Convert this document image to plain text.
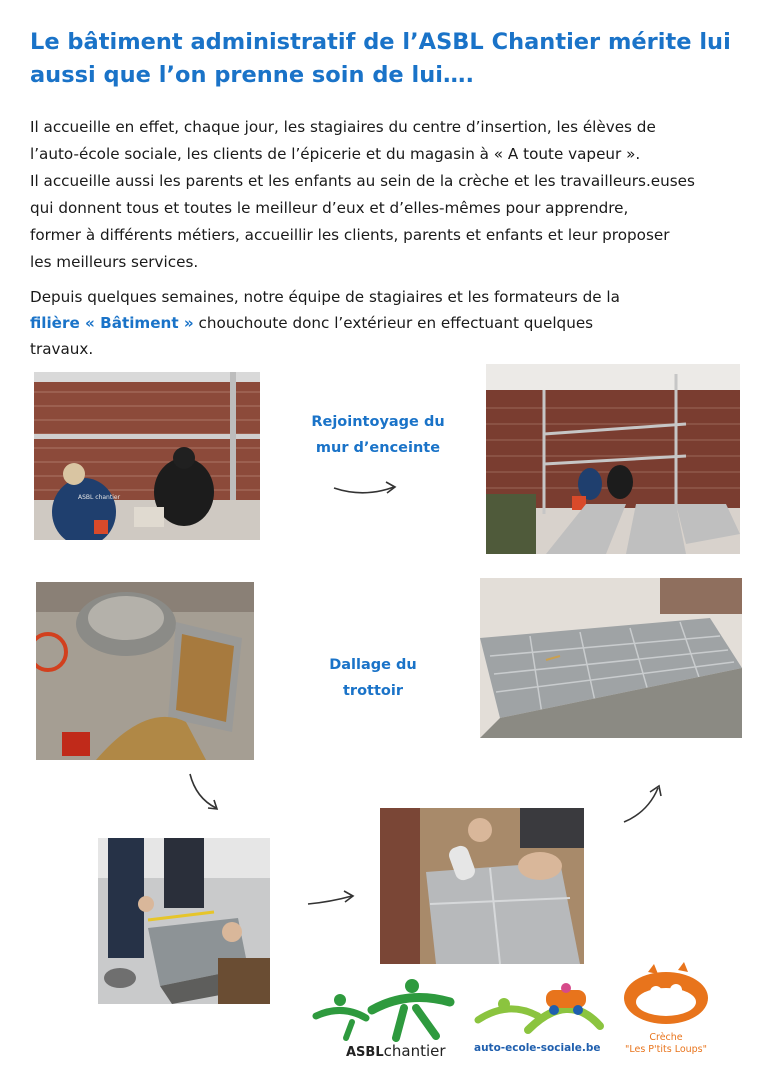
Le bâtiment administratif de l’ASBL Chantier mérite lui
aussi que l’on prenne soin de lui….

Il accueille en effet, chaque jour, les stagiaires du centre d’insertion, les élèves de
l’auto-école sociale, les clients de l’épicerie et du magasin à « A toute vapeur ».
Il accueille aussi les parents et les enfants au sein de la crèche et les travailleurs.euses
qui donnent tous et toutes le meilleur d’eux et d’elles-mêmes pour apprendre,
former à différents métiers, accueillir les clients, parents et enfants et leur proposer
les meilleurs services.

Depuis quelques semaines, notre équipe de stagiaires et les formateurs de la
filière « Bâtiment » chouchoute donc l’extérieur en effectuant quelques
travaux.

ASBL chantier
Rejointoyage du
mur d’enceinte
Dallage du
trottoir
ASBLchantier	auto-ecole-sociale.be
Crèche
"Les P'tits Loups"
